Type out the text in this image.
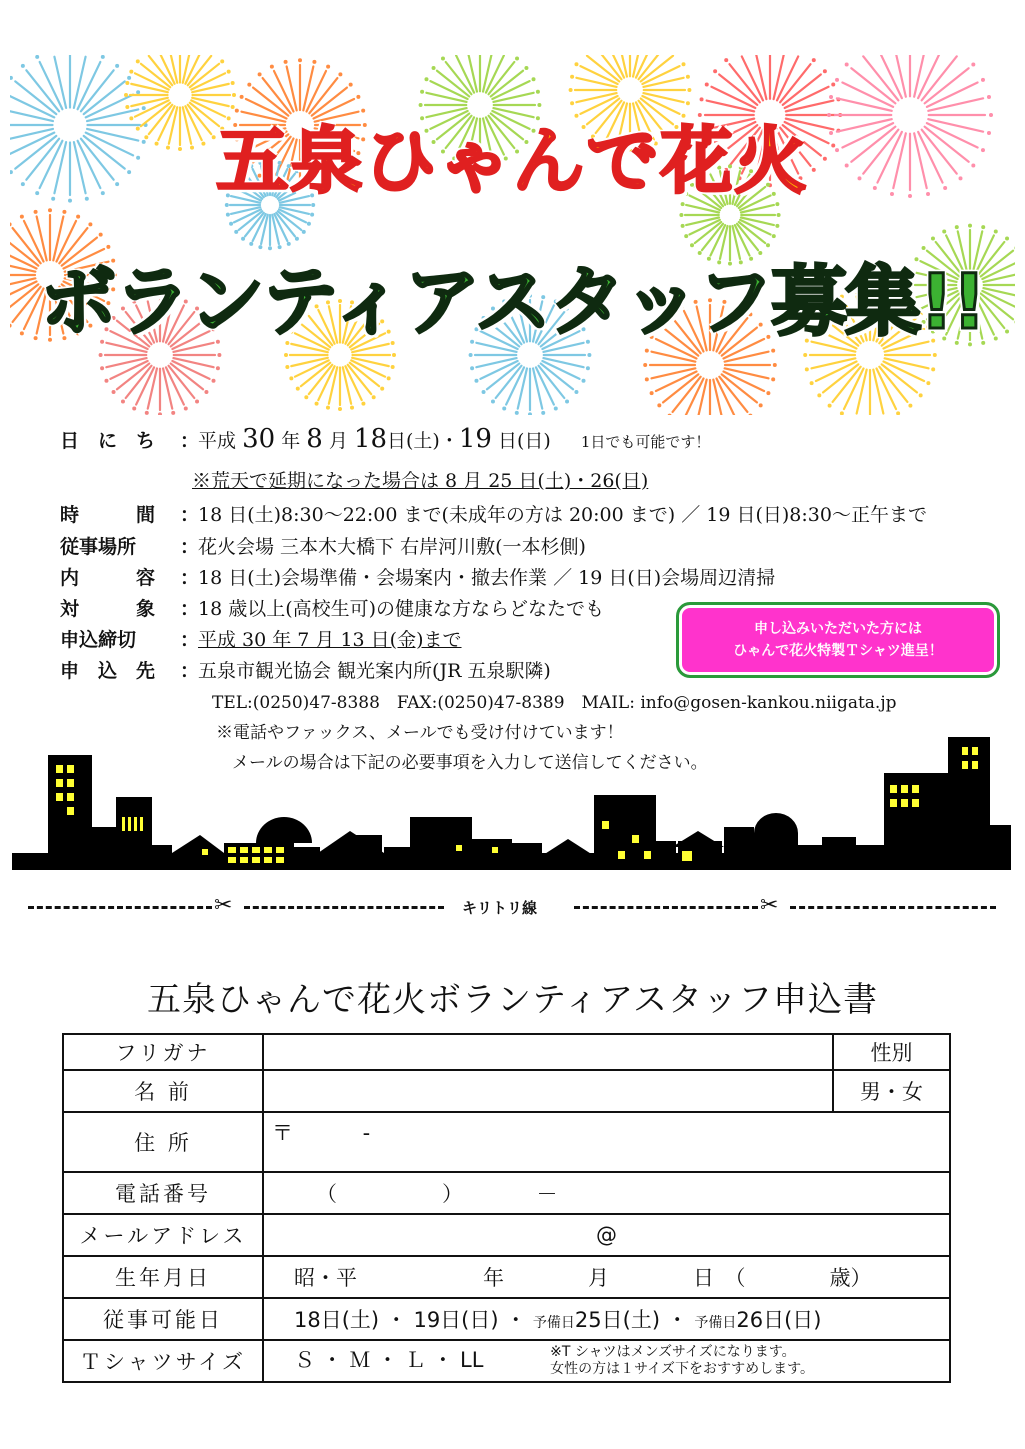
五泉ひゃんで花火
ボランティアスタッフ募集!!
日　に　ち ：平成 30 年 8 月 18日(土)・19 日(日) 1日でも可能です！
※荒天で延期になった場合は 8 月 25 日(土)・26(日)
時　　　間 ：18 日(土)8:30～22:00 まで(未成年の方は 20:00 まで) ／ 19 日(日)8:30～正午まで
従事場所 ：花火会場 三本木大橋下 右岸河川敷(一本杉側)
内　　　容 ：18 日(土)会場準備・会場案内・撤去作業 ／ 19 日(日)会場周辺清掃
対　　　象 ：18 歳以上(高校生可)の健康な方ならどなたでも
申込締切 ：平成 30 年 7 月 13 日(金)まで
申　込　先 ：五泉市観光協会 観光案内所(JR 五泉駅隣)
TEL:(0250)47-8388　FAX:(0250)47-8389　MAIL: info@gosen-kankou.niigata.jp
※電話やファックス、メールでも受け付けています！
メールの場合は下記の必要事項を入力して送信してください。
申し込みいただいた方には
ひゃんで花火特製Ｔシャツ進呈！
✂	キリトリ線	✂
五泉ひゃんで花火ボランティアスタッフ申込書
フリガナ		性別
名 前		男・女
住 所	〒　　　 -	
電話番号	（　　　　　）　　　　－	
メールアドレス	@	
生年月日	昭・平　　　　　　年　　　　月　　　　日　（　　　　歳）	
従事可能日	18日(土) ・ 19日(日) ・ 予備日25日(土) ・ 予備日26日(日)	
Ｔシャツサイズ	Ｓ ・ Ｍ ・ Ｌ ・ LL ※T シャツはメンズサイズになります。
女性の方は１サイズ下をおすすめします。	
